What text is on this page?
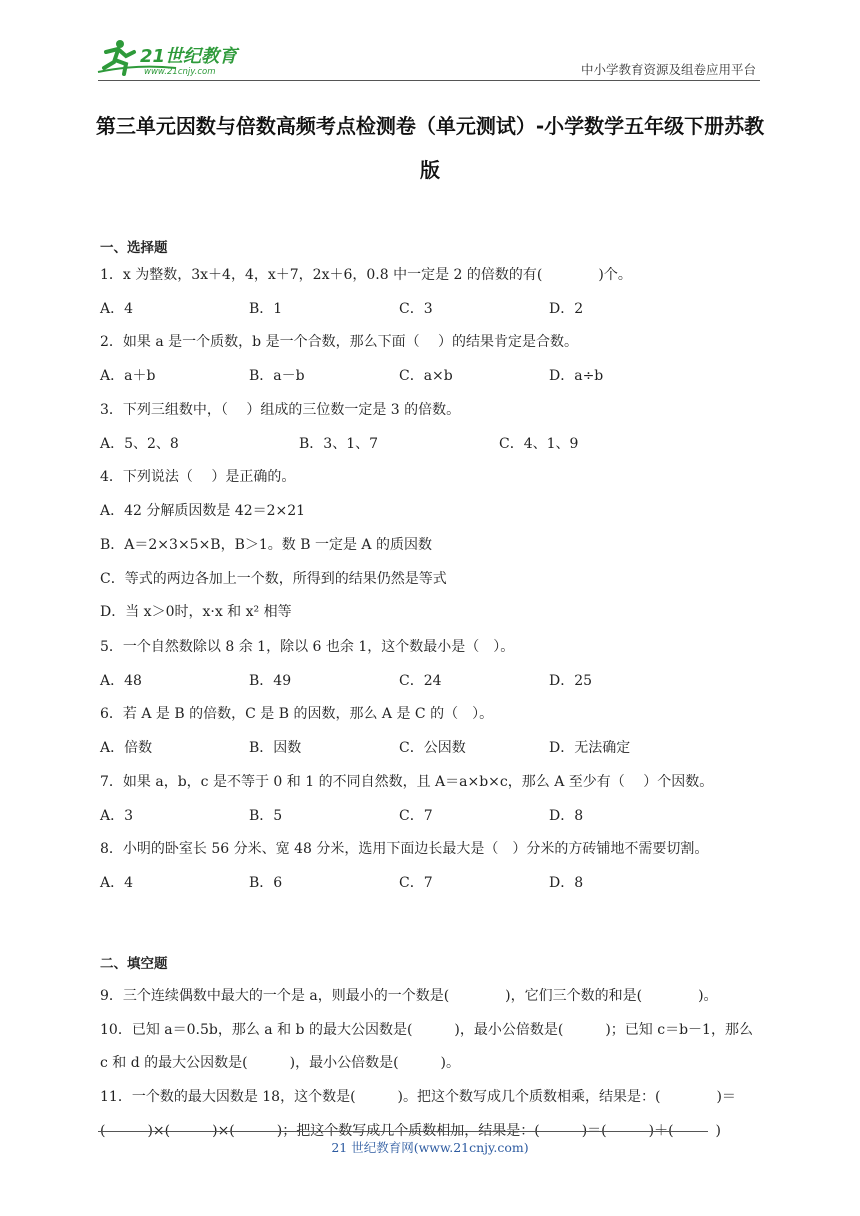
21世纪教育
www.21cnjy.com	中小学教育资源及组卷应用平台
第三单元因数与倍数高频考点检测卷（单元测试）-小学数学五年级下册苏教版
一、选择题
1．x 为整数，3x＋4，4，x＋7，2x＋6，0.8 中一定是 2 的倍数的有(　　　　)个。
A．4	B．1	C．3	D．2
2．如果 a 是一个质数，b 是一个合数，那么下面（　 ）的结果肯定是合数。
A．a＋b	B．a－b	C．a×b	D．a÷b
3．下列三组数中，（　 ）组成的三位数一定是 3 的倍数。
A．5、2、8	B．3、1、7	C．4、1、9
4．下列说法（　 ）是正确的。
A．42 分解质因数是 42＝2×21
B．A＝2×3×5×B，B＞1。数 B 一定是 A 的质因数
C．等式的两边各加上一个数，所得到的结果仍然是等式
D．当 x＞0时，x·x 和 x² 相等
5．一个自然数除以 8 余 1，除以 6 也余 1，这个数最小是（　）。
A．48	B．49	C．24	D．25
6．若 A 是 B 的倍数，C 是 B 的因数，那么 A 是 C 的（　）。
A．倍数	B．因数	C．公因数	D．无法确定
7．如果 a，b，c 是不等于 0 和 1 的不同自然数，且 A＝a×b×c，那么 A 至少有（　 ）个因数。
A．3	B．5	C．7	D．8
8．小明的卧室长 56 分米、宽 48 分米，选用下面边长最大是（　）分米的方砖铺地不需要切割。
A．4	B．6	C．7	D．8
二、填空题
9．三个连续偶数中最大的一个是 a，则最小的一个数是(　　　　)，它们三个数的和是(　　　　)。
10．已知 a＝0.5b，那么 a 和 b 的最大公因数是(　　　)，最小公倍数是(　　　)；已知 c＝b－1，那么
c 和 d 的最大公因数是(　　　)，最小公倍数是(　　　)。
11．一个数的最大因数是 18，这个数是(　　　)。把这个数写成几个质数相乘，结果是：(　　　　)＝
(　　　)×(　　　)×(　　　)；把这个数写成几个质数相加，结果是：(　　　)＝(　　　)＋(　　　)
21 世纪教育网(www.21cnjy.com)
